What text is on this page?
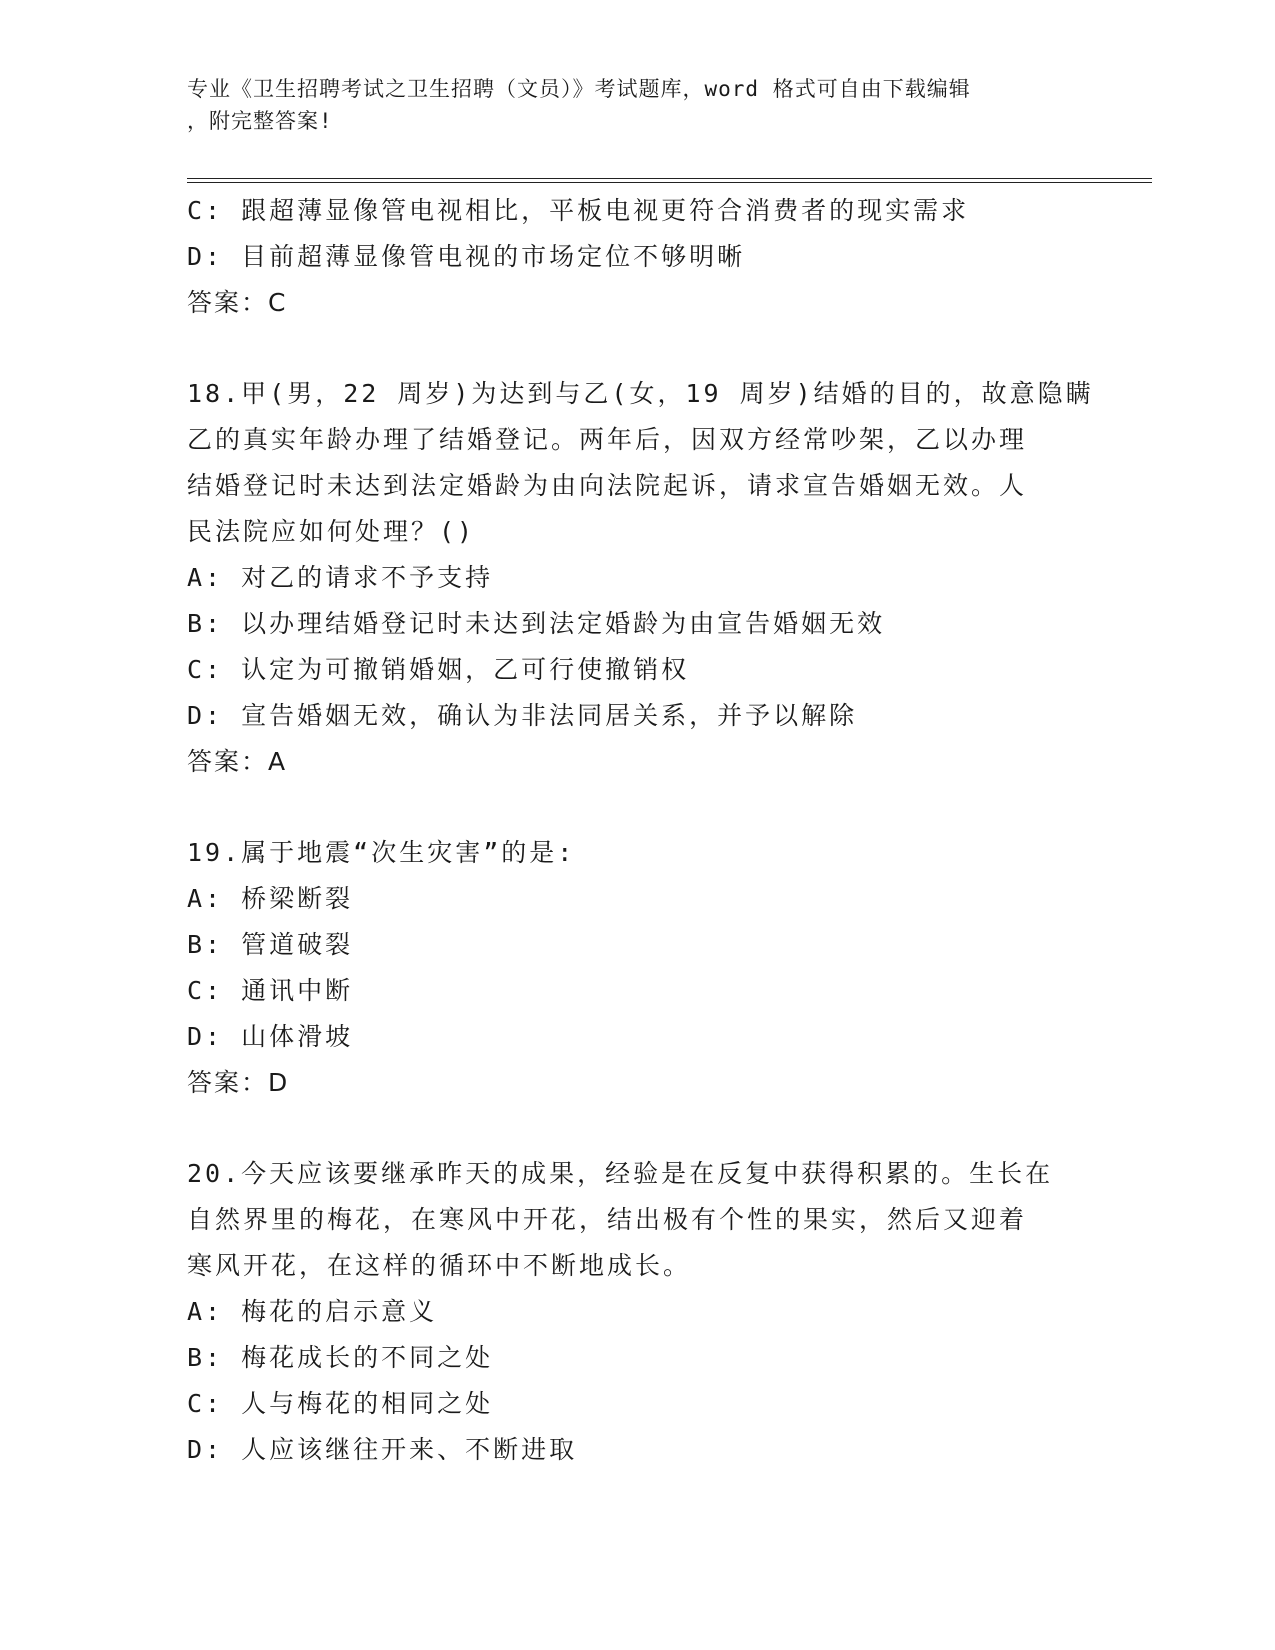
专业《卫生招聘考试之卫生招聘（文员）》考试题库，word 格式可自由下载编辑
，附完整答案!
C: 跟超薄显像管电视相比，平板电视更符合消费者的现实需求
D: 目前超薄显像管电视的市场定位不够明晰
答案：C
18.甲(男，22 周岁)为达到与乙(女，19 周岁)结婚的目的，故意隐瞒
乙的真实年龄办理了结婚登记。两年后，因双方经常吵架，乙以办理
结婚登记时未达到法定婚龄为由向法院起诉，请求宣告婚姻无效。人
民法院应如何处理？()
A: 对乙的请求不予支持
B: 以办理结婚登记时未达到法定婚龄为由宣告婚姻无效
C: 认定为可撤销婚姻，乙可行使撤销权
D: 宣告婚姻无效，确认为非法同居关系，并予以解除
答案：A
19.属于地震“次生灾害”的是:
A: 桥梁断裂
B: 管道破裂
C: 通讯中断
D: 山体滑坡
答案：D
20.今天应该要继承昨天的成果，经验是在反复中获得积累的。生长在
自然界里的梅花，在寒风中开花，结出极有个性的果实，然后又迎着
寒风开花，在这样的循环中不断地成长。
A: 梅花的启示意义
B: 梅花成长的不同之处
C: 人与梅花的相同之处
D: 人应该继往开来、不断进取
